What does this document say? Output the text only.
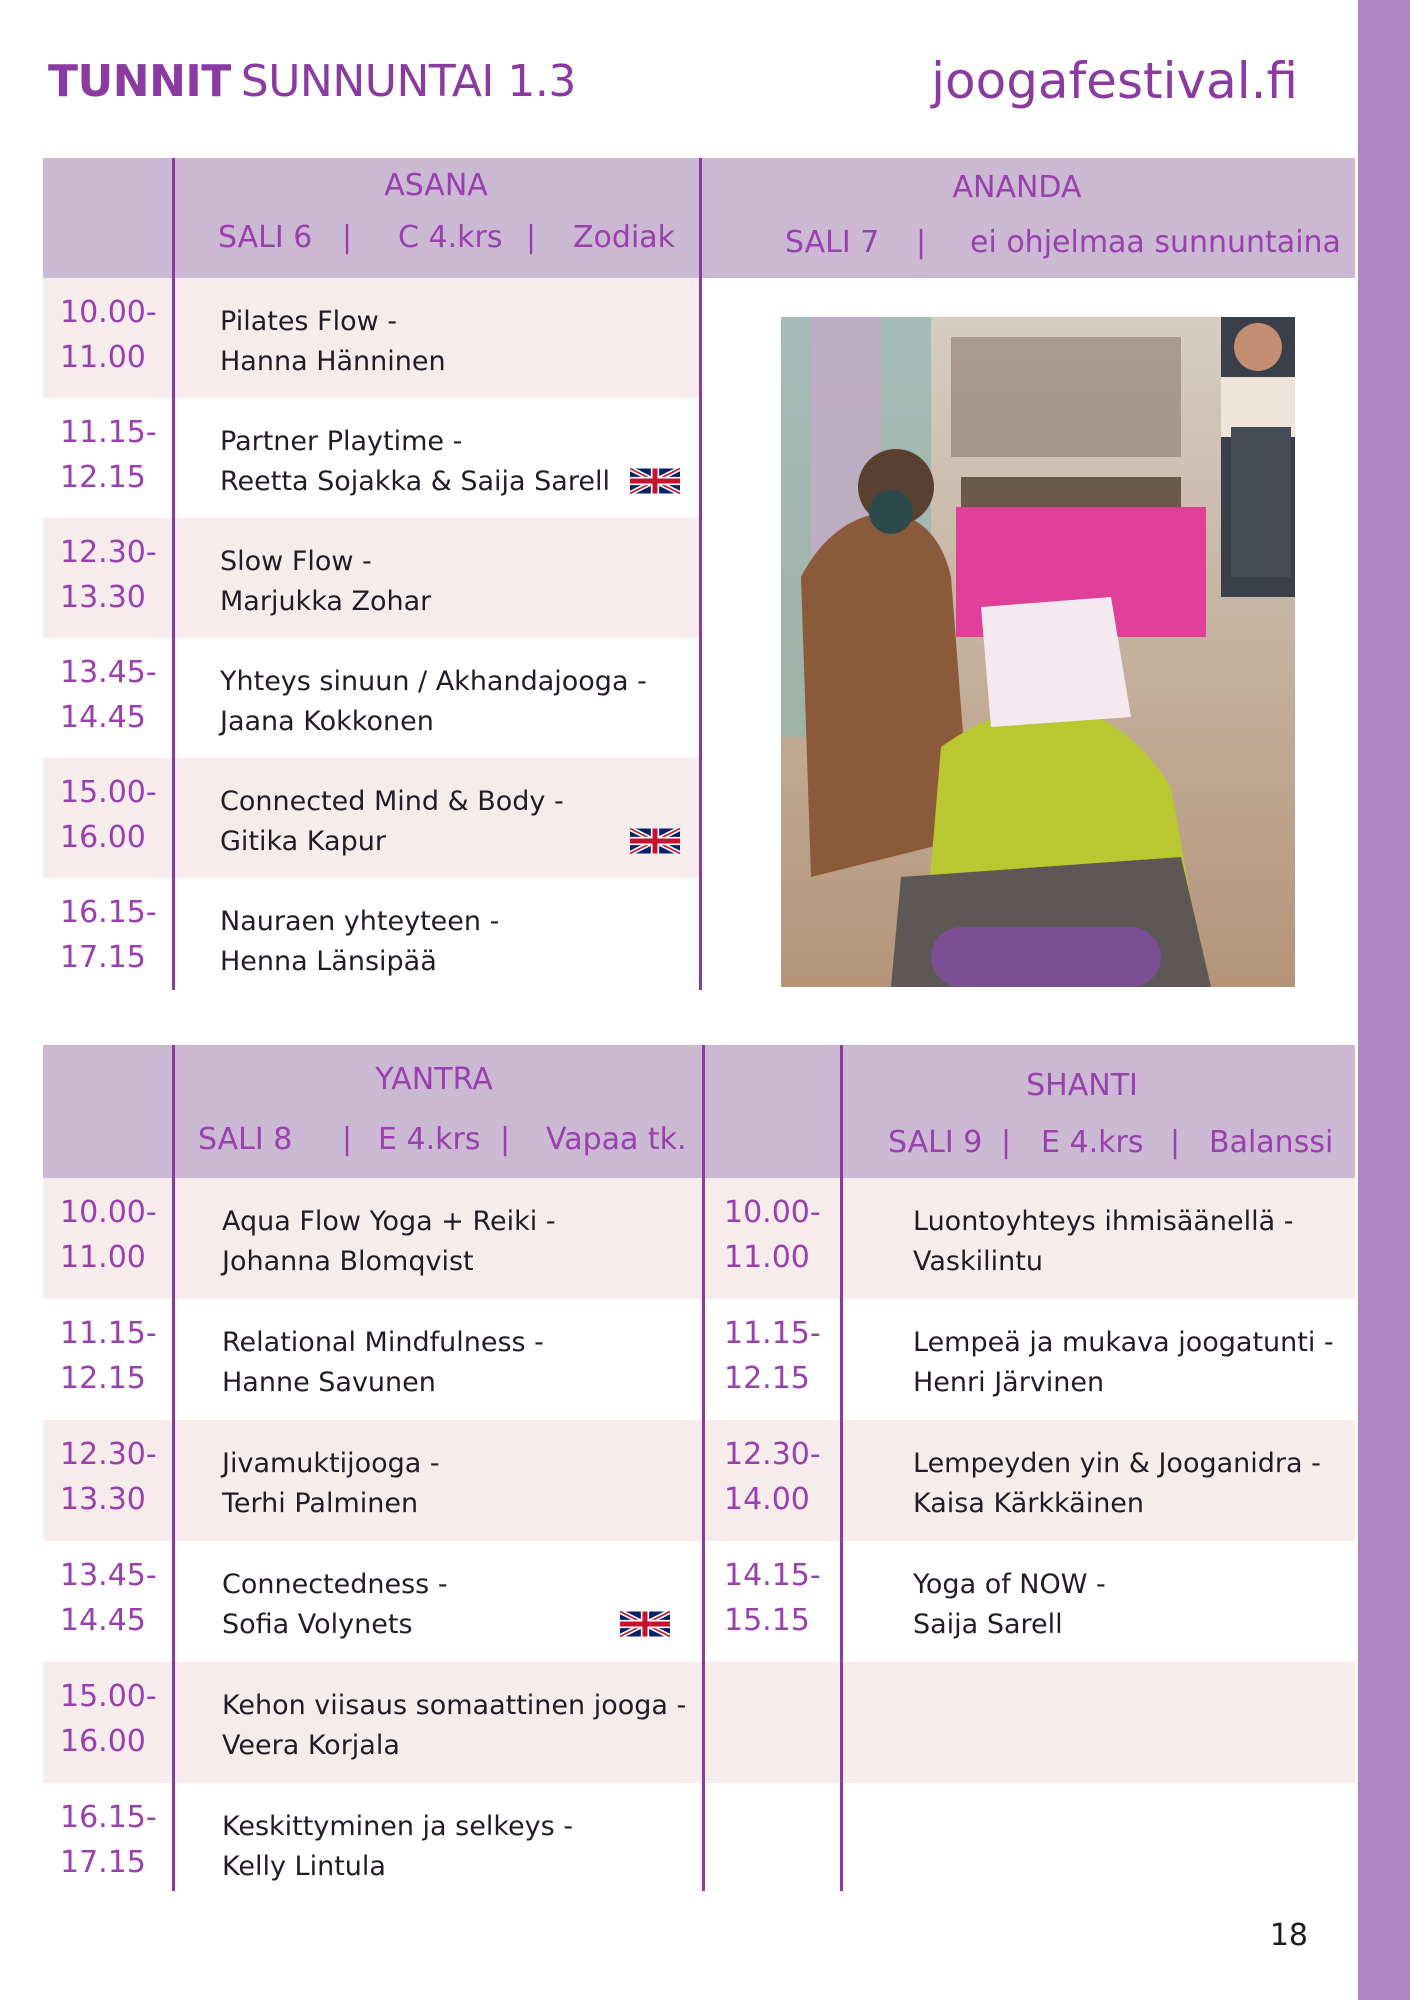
TUNNIT SUNNUNTAI 1.3	joogafestival.fi
ASANA
SALI 6 | C 4.krs | Zodiak
ANANDA
SALI 7 | ei ohjelmaa sunnuntaina
10.00-
11.00
Pilates Flow -
Hanna Hänninen
11.15-
12.15
Partner Playtime -
Reetta Sojakka & Saija Sarell
12.30-
13.30
Slow Flow -
Marjukka Zohar
13.45-
14.45
Yhteys sinuun / Akhandajooga -
Jaana Kokkonen
15.00-
16.00
Connected Mind & Body -
Gitika Kapur
16.15-
17.15
Nauraen yhteyteen -
Henna Länsipää
YANTRA
SALI 8 | E 4.krs | Vapaa tk.
SHANTI
SALI 9 | E 4.krs | Balanssi
10.00-
11.00
Aqua Flow Yoga + Reiki -
Johanna Blomqvist
11.15-
12.15
Relational Mindfulness -
Hanne Savunen
12.30-
13.30
Jivamuktijooga -
Terhi Palminen
13.45-
14.45
Connectedness -
Sofia Volynets
15.00-
16.00
Kehon viisaus somaattinen jooga -
Veera Korjala
16.15-
17.15
Keskittyminen ja selkeys -
Kelly Lintula
10.00-
11.00
Luontoyhteys ihmisäänellä -
Vaskilintu
11.15-
12.15
Lempeä ja mukava joogatunti -
Henri Järvinen
12.30-
14.00
Lempeyden yin & Jooganidra -
Kaisa Kärkkäinen
14.15-
15.15
Yoga of NOW -
Saija Sarell
18
